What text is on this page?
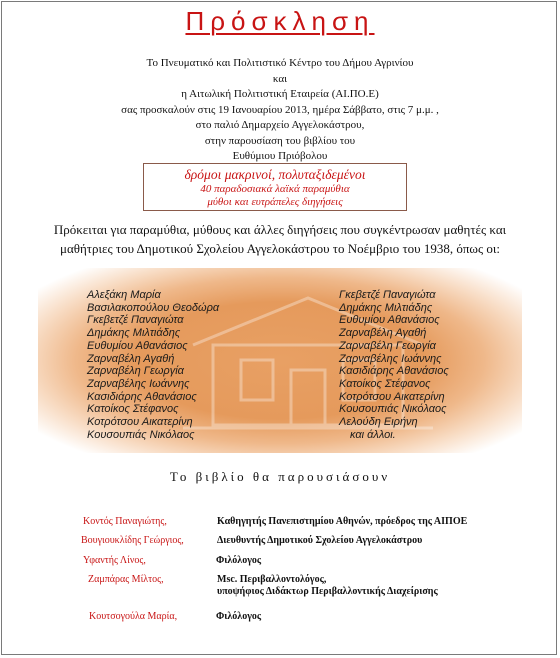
Πρόσκληση
Το Πνευματικό και Πολιτιστικό Κέντρο του Δήμου Αγρινίου
και
η Αιτωλική Πολιτιστική Εταιρεία (ΑΙ.ΠΟ.Ε)
σας προσκαλούν στις 19 Ιανουαρίου 2013, ημέρα Σάββατο, στις 7 μ.μ. ,
στο παλιό Δημαρχείο Αγγελοκάστρου,
στην παρουσίαση του βιβλίου του
Ευθύμιου Πριόβολου
δρόμοι μακρινοί, πολυταξιδεμένοι
40 παραδοσιακά λαϊκά παραμύθια
μύθοι και ευτράπελες διηγήσεις
Πρόκειται για παραμύθια, μύθους και άλλες διηγήσεις που συγκέντρωσαν μαθητές και
μαθήτριες του Δημοτικού Σχολείου Αγγελοκάστρου το Νοέμβριο του 1938, όπως οι:
Αλεξάκη Μαρία
Βασιλακοπούλου Θεοδώρα
Γκεβετζέ Παναγιώτα
Δημάκης Μιλτιάδης
Ευθυμίου Αθανάσιος
Ζαρναβέλη Αγαθή
Ζαρναβέλη Γεωργία
Ζαρναβέλης Ιωάννης
Κασιδιάρης Αθανάσιος
Κατοίκος Στέφανος
Κοτρότσου Αικατερίνη
Κουσουπιάς Νικόλαος
Γκεβετζέ Παναγιώτα
Δημάκης Μιλτιάδης
Ευθυμίου Αθανάσιος
Ζαρναβέλη Αγαθή
Ζαρναβέλη Γεωργία
Ζαρναβέλης Ιωάννης
Κασιδιάρης Αθανάσιος
Κατοίκος Στέφανος
Κοτρότσου Αικατερίνη
Κουσουπιάς Νικόλαος
Λελούδη Ειρήνη
και άλλοι.
Το βιβλίο θα παρουσιάσουν
Κοντός Παναγιώτης,	Καθηγητής Πανεπιστημίου Αθηνών, πρόεδρος της ΑΙΠΟΕ
Βουγιουκλίδης Γεώργιος,	Διευθυντής Δημοτικού Σχολείου Αγγελοκάστρου
Υφαντής Λίνος,	Φιλόλογος
Ζαμπάρας Μίλτος,	Msc. Περιβαλλοντολόγος,
υποψήφιος Διδάκτωρ Περιβαλλοντικής Διαχείρισης
Κουτσογούλα Μαρία,	Φιλόλογος
